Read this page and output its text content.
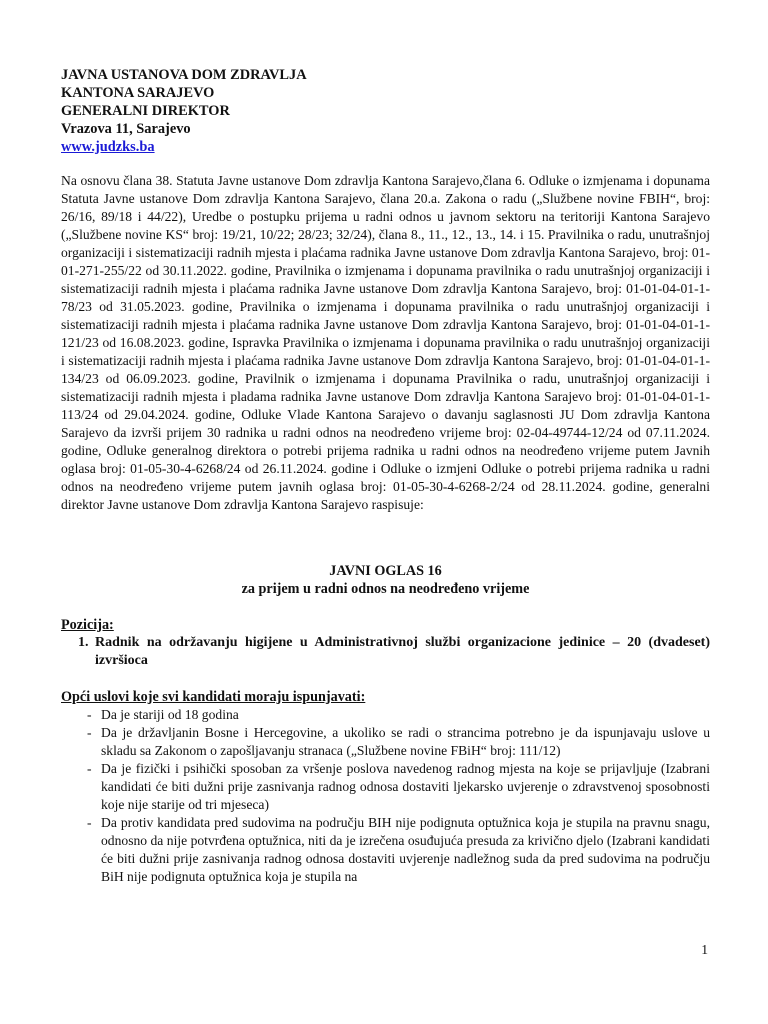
JAVNA USTANOVA DOM ZDRAVLJA
KANTONA SARAJEVO
GENERALNI DIREKTOR
Vrazova 11, Sarajevo
www.judzks.ba
Na osnovu člana 38. Statuta Javne ustanove Dom zdravlja Kantona Sarajevo,člana 6. Odluke o izmjenama i dopunama Statuta Javne ustanove Dom zdravlja Kantona Sarajevo, člana 20.a. Zakona o radu („Službene novine FBIH“, broj: 26/16, 89/18 i 44/22), Uredbe o postupku prijema u radni odnos u javnom sektoru na teritoriji Kantona Sarajevo („Službene novine KS“ broj: 19/21, 10/22; 28/23; 32/24), člana 8., 11., 12., 13., 14. i 15. Pravilnika o radu, unutrašnjoj organizaciji i sistematizaciji radnih mjesta i plaćama radnika Javne ustanove Dom zdravlja Kantona Sarajevo, broj: 01-01-271-255/22 od 30.11.2022. godine, Pravilnika o izmjenama i dopunama pravilnika o radu unutrašnjoj organizaciji i sistematizaciji radnih mjesta i plaćama radnika Javne ustanove Dom zdravlja Kantona Sarajevo, broj: 01-01-04-01-1-78/23 od 31.05.2023. godine, Pravilnika o izmjenama i dopunama pravilnika o radu unutrašnjoj organizaciji i sistematizaciji radnih mjesta i plaćama radnika Javne ustanove Dom zdravlja Kantona Sarajevo, broj: 01-01-04-01-1-121/23 od 16.08.2023. godine, Ispravka Pravilnika o izmjenama i dopunama pravilnika o radu unutrašnjoj organizaciji i sistematizaciji radnih mjesta i plaćama radnika Javne ustanove Dom zdravlja Kantona Sarajevo, broj: 01-01-04-01-1-134/23 od 06.09.2023. godine, Pravilnik o izmjenama i dopunama Pravilnika o radu, unutrašnjoj organizaciji i sistematizaciji radnih mjesta i pladama radnika Javne ustanove Dom zdravlja Kantona Sarajevo broj: 01-01-04-01-1-113/24 od 29.04.2024. godine, Odluke Vlade Kantona Sarajevo o davanju saglasnosti JU Dom zdravlja Kantona Sarajevo da izvrši prijem 30 radnika u radni odnos na neodređeno vrijeme broj: 02-04-49744-12/24 od 07.11.2024. godine, Odluke generalnog direktora o potrebi prijema radnika u radni odnos na neodređeno vrijeme putem Javnih oglasa broj: 01-05-30-4-6268/24 od 26.11.2024. godine i Odluke o izmjeni Odluke o potrebi prijema radnika u radni odnos na neodređeno vrijeme putem javnih oglasa broj: 01-05-30-4-6268-2/24 od 28.11.2024. godine, generalni direktor Javne ustanove Dom zdravlja Kantona Sarajevo raspisuje:
JAVNI OGLAS 16
za prijem u radni odnos na neodređeno vrijeme
Pozicija:
1. Radnik na održavanju higijene u Administrativnoj službi organizacione jedinice – 20 (dvadeset) izvršioca
Opći uslovi koje svi kandidati moraju ispunjavati:
- Da je stariji od 18 godina
- Da je državljanin Bosne i Hercegovine, a ukoliko se radi o strancima potrebno je da ispunjavaju uslove u skladu sa Zakonom o zapošljavanju stranaca („Službene novine FBiH“ broj: 111/12)
- Da je fizički i psihički sposoban za vršenje poslova navedenog radnog mjesta na koje se prijavljuje (Izabrani kandidati će biti dužni prije zasnivanja radnog odnosa dostaviti ljekarsko uvjerenje o zdravstvenoj sposobnosti koje nije starije od tri mjeseca)
- Da protiv kandidata pred sudovima na području BIH nije podignuta optužnica koja je stupila na pravnu snagu, odnosno da nije potvrđena optužnica, niti da je izrečena osuđujuća presuda za krivično djelo (Izabrani kandidati će biti dužni prije zasnivanja radnog odnosa dostaviti uvjerenje nadležnog suda da pred sudovima na području BiH nije podignuta optužnica koja je stupila na
1
